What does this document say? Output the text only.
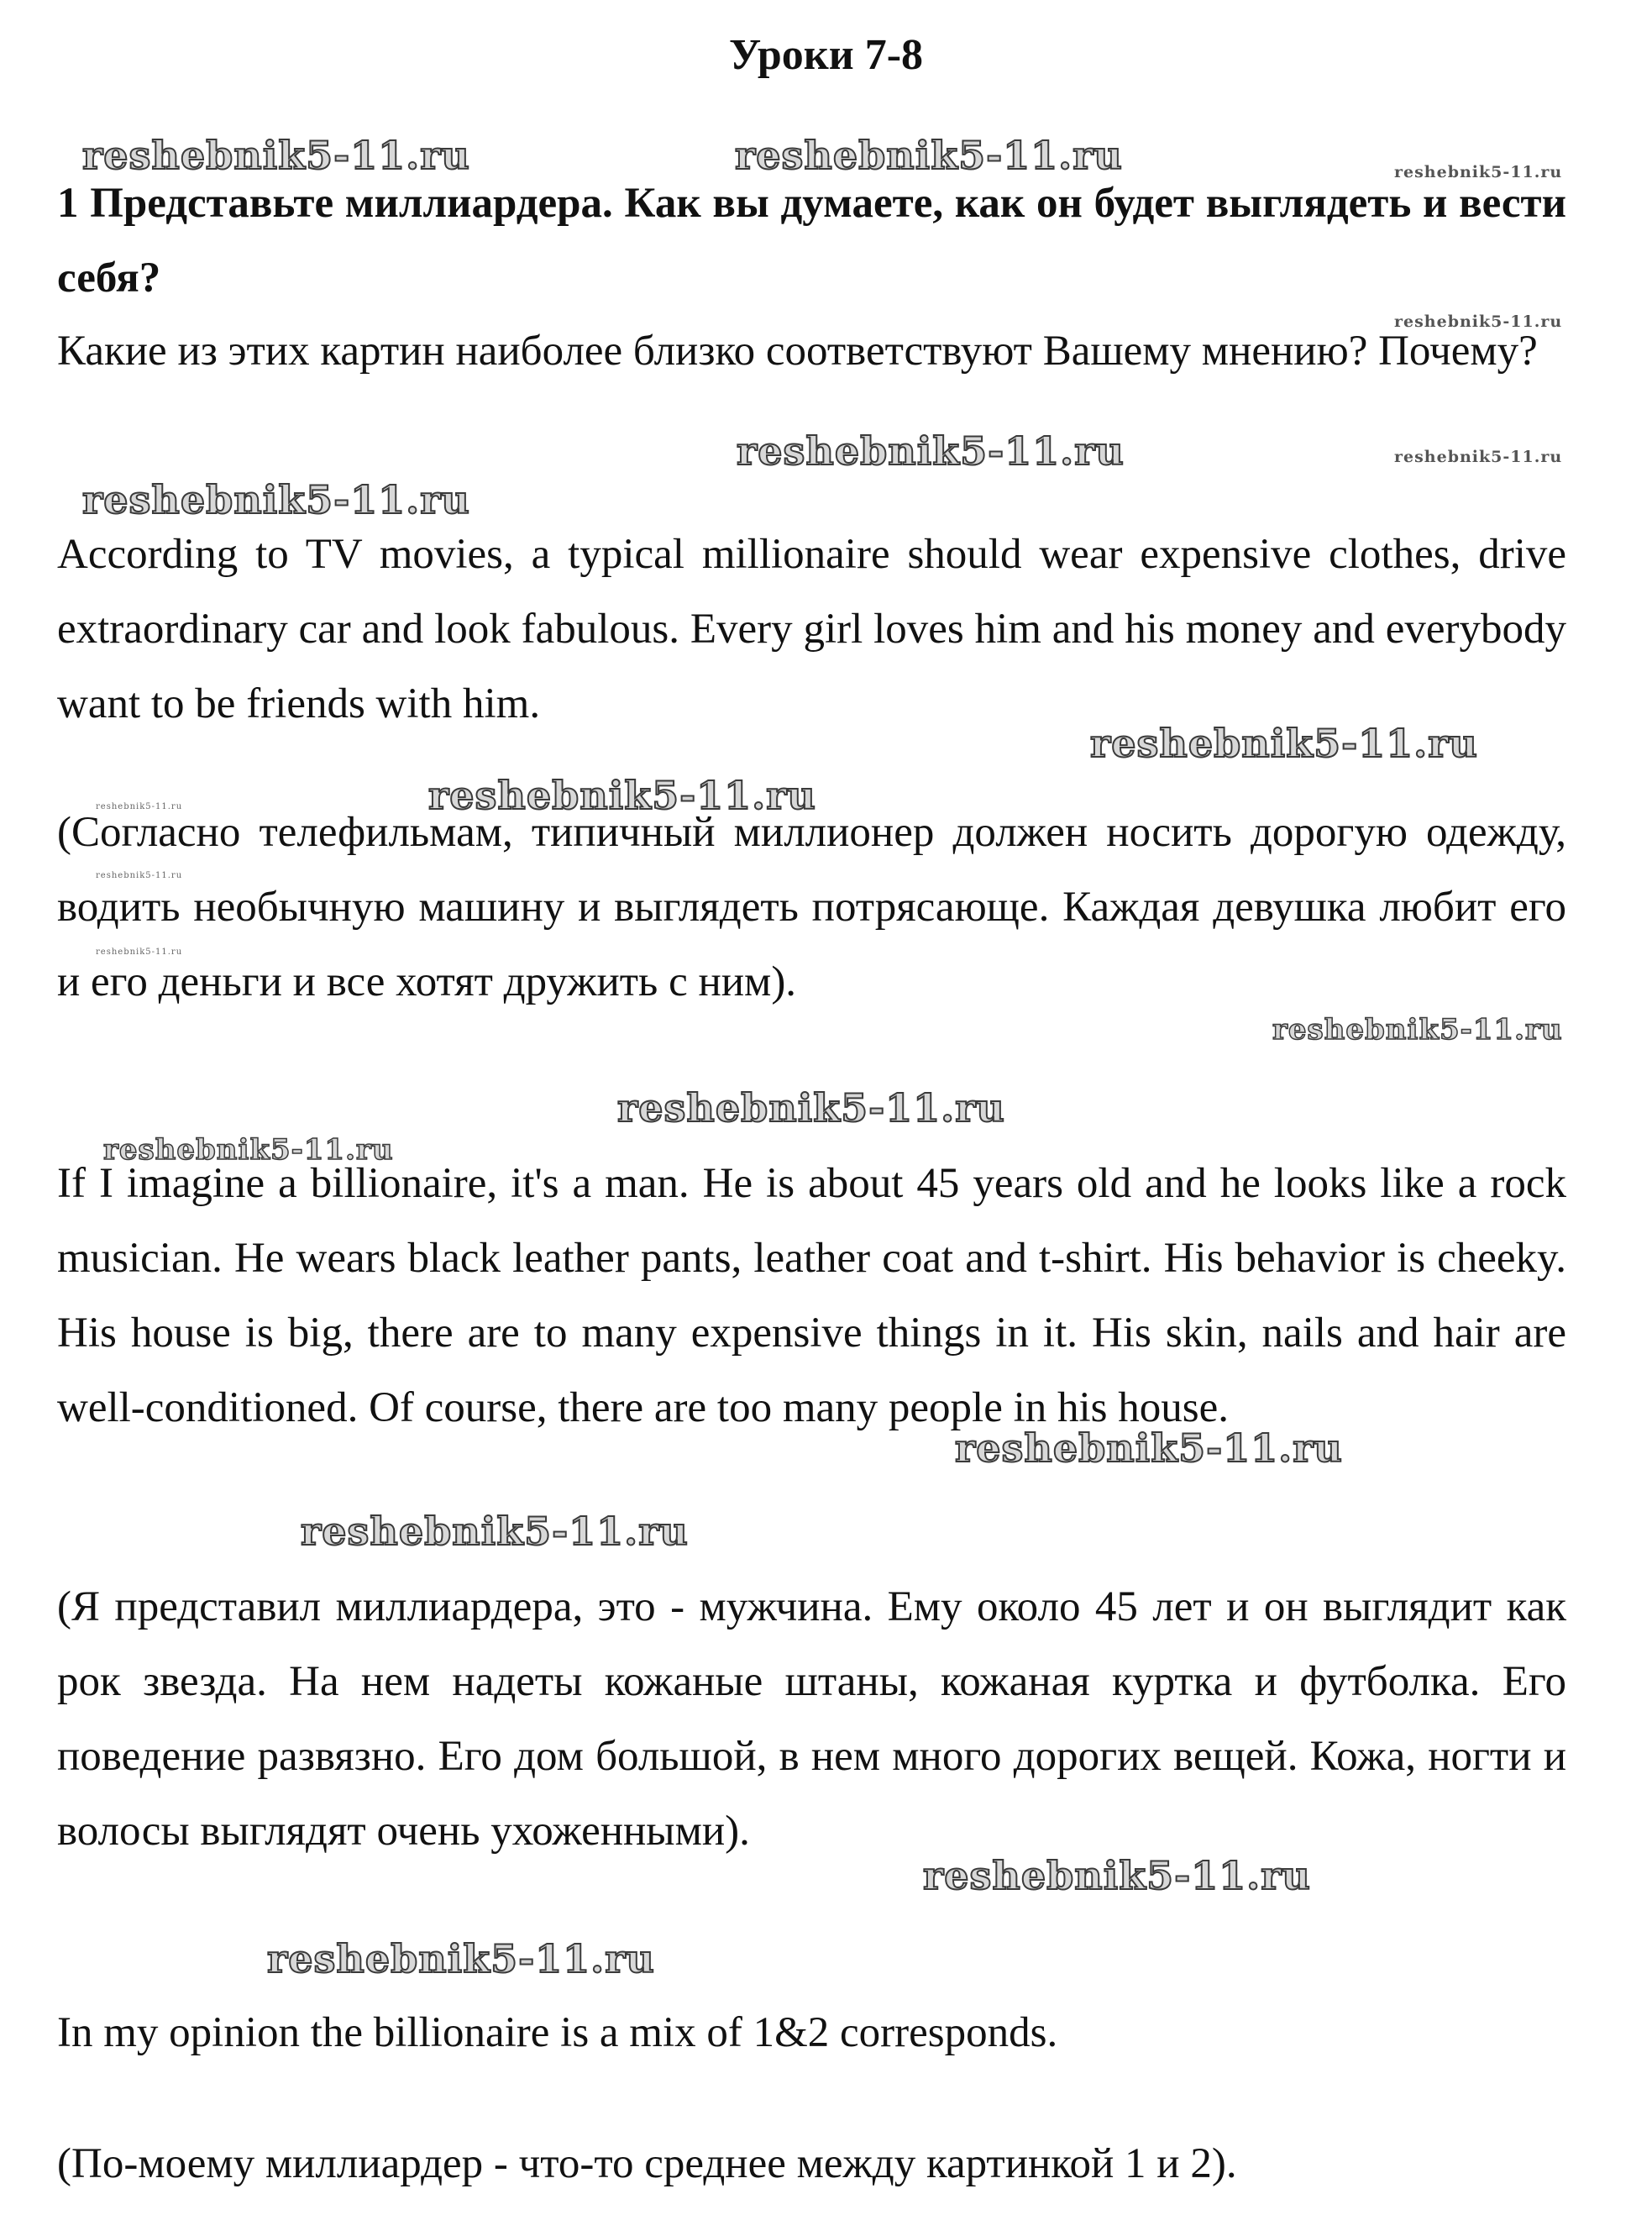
Уроки 7-8
reshebnik5-11.ru	reshebnik5-11.ru	reshebnik5-11.ru
reshebnik5-11.ru
reshebnik5-11.ru	reshebnik5-11.ru
reshebnik5-11.ru
reshebnik5-11.ru
reshebnik5-11.ru
reshebnik5-11.ru
reshebnik5-11.ru
reshebnik5-11.ru
reshebnik5-11.ru
reshebnik5-11.ru
reshebnik5-11.ru
reshebnik5-11.ru
reshebnik5-11.ru
reshebnik5-11.ru
reshebnik5-11.ru

1 Представьте миллиардера. Как вы думаете, как он будет выглядеть и вести себя?

Какие из этих картин наиболее близко соответствуют Вашему мнению? Почему?

According to TV movies, a typical millionaire should wear expensive clothes, drive extraordinary car and look fabulous. Every girl loves him and his money and everybody want to be friends with him.

(Согласно телефильмам, типичный миллионер должен носить дорогую одежду, водить необычную машину и выглядеть потрясающе. Каждая девушка любит его и его деньги и все хотят дружить с ним).

If I imagine a billionaire, it's a man. He is about 45 years old and he looks like a rock musician. He wears black leather pants, leather coat and t-shirt. His behavior is cheeky. His house is big, there are to many expensive things in it. His skin, nails and hair are well-conditioned. Of course, there are too many people in his house.

(Я представил миллиардера, это - мужчина. Ему около 45 лет и он выглядит как рок звезда. На нем надеты кожаные штаны, кожаная куртка и футболка. Его поведение развязно. Его дом большой, в нем много дорогих вещей. Кожа, ногти и волосы выглядят очень ухоженными).

In my opinion the billionaire is a mix of 1&2 corresponds.

(По-моему миллиардер - что-то среднее между картинкой 1 и 2).
